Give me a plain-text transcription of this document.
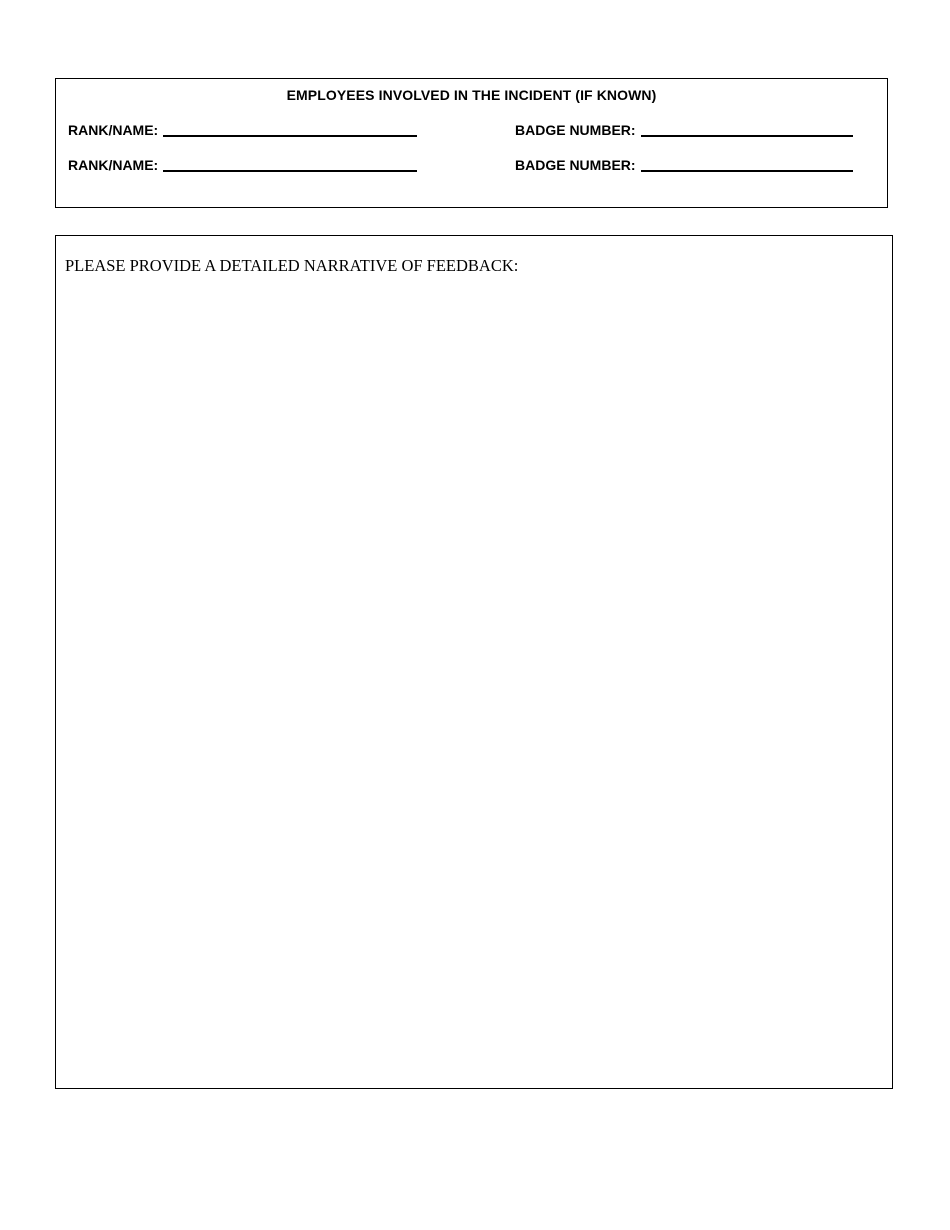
EMPLOYEES INVOLVED IN THE INCIDENT (IF KNOWN)
RANK/NAME:	BADGE NUMBER:
RANK/NAME:	BADGE NUMBER:
PLEASE PROVIDE A DETAILED NARRATIVE OF FEEDBACK:
